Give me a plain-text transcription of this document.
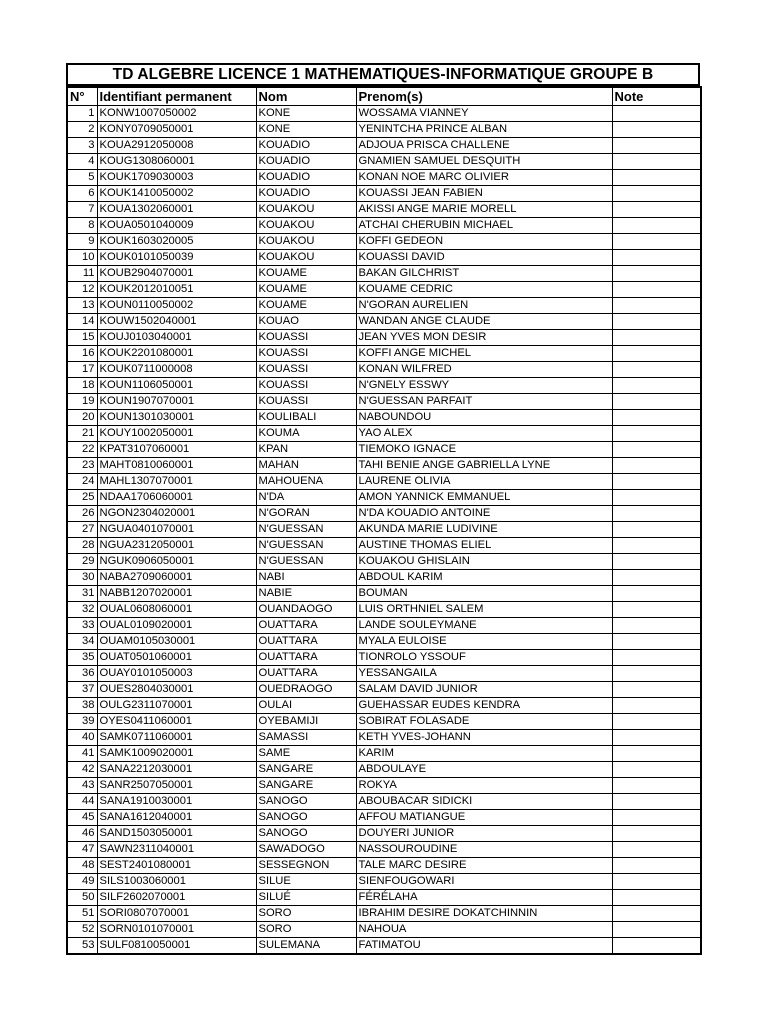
TD ALGEBRE LICENCE 1 MATHEMATIQUES-INFORMATIQUE GROUPE B
N°	Identifiant permanent	Nom	Prenom(s)	Note
1	KONW1007050002	KONE	WOSSAMA VIANNEY	
2	KONY0709050001	KONE	YENINTCHA PRINCE ALBAN	
3	KOUA2912050008	KOUADIO	ADJOUA PRISCA CHALLENE	
4	KOUG1308060001	KOUADIO	GNAMIEN SAMUEL DESQUITH	
5	KOUK1709030003	KOUADIO	KONAN NOE MARC OLIVIER	
6	KOUK1410050002	KOUADIO	KOUASSI JEAN FABIEN	
7	KOUA1302060001	KOUAKOU	AKISSI ANGE MARIE MORELL	
8	KOUA0501040009	KOUAKOU	ATCHAI CHERUBIN MICHAEL	
9	KOUK1603020005	KOUAKOU	KOFFI GEDEON	
10	KOUK0101050039	KOUAKOU	KOUASSI DAVID	
11	KOUB2904070001	KOUAME	BAKAN GILCHRIST	
12	KOUK2012010051	KOUAME	KOUAME CEDRIC	
13	KOUN0110050002	KOUAME	N'GORAN AURELIEN	
14	KOUW1502040001	KOUAO	WANDAN ANGE CLAUDE	
15	KOUJ0103040001	KOUASSI	JEAN YVES MON DESIR	
16	KOUK2201080001	KOUASSI	KOFFI ANGE MICHEL	
17	KOUK0711000008	KOUASSI	KONAN WILFRED	
18	KOUN1106050001	KOUASSI	N'GNELY ESSWY	
19	KOUN1907070001	KOUASSI	N'GUESSAN PARFAIT	
20	KOUN1301030001	KOULIBALI	NABOUNDOU	
21	KOUY1002050001	KOUMA	YAO ALEX	
22	KPAT3107060001	KPAN	TIEMOKO IGNACE	
23	MAHT0810060001	MAHAN	TAHI BENIE ANGE GABRIELLA LYNE	
24	MAHL1307070001	MAHOUENA	LAURENE OLIVIA	
25	NDAA1706060001	N'DA	AMON YANNICK EMMANUEL	
26	NGON2304020001	N'GORAN	N'DA KOUADIO ANTOINE	
27	NGUA0401070001	N'GUESSAN	AKUNDA MARIE LUDIVINE	
28	NGUA2312050001	N'GUESSAN	AUSTINE THOMAS ELIEL	
29	NGUK0906050001	N'GUESSAN	KOUAKOU GHISLAIN	
30	NABA2709060001	NABI	ABDOUL KARIM	
31	NABB1207020001	NABIE	BOUMAN	
32	OUAL0608060001	OUANDAOGO	LUIS ORTHNIEL SALEM	
33	OUAL0109020001	OUATTARA	LANDE SOULEYMANE	
34	OUAM0105030001	OUATTARA	MYALA EULOISE	
35	OUAT0501060001	OUATTARA	TIONROLO YSSOUF	
36	OUAY0101050003	OUATTARA	YESSANGAILA	
37	OUES2804030001	OUEDRAOGO	SALAM DAVID JUNIOR	
38	OULG2311070001	OULAI	GUEHASSAR EUDES KENDRA	
39	OYES0411060001	OYEBAMIJI	SOBIRAT FOLASADE	
40	SAMK0711060001	SAMASSI	KETH YVES-JOHANN	
41	SAMK1009020001	SAME	KARIM	
42	SANA2212030001	SANGARE	ABDOULAYE	
43	SANR2507050001	SANGARE	ROKYA	
44	SANA1910030001	SANOGO	ABOUBACAR SIDICKI	
45	SANA1612040001	SANOGO	AFFOU MATIANGUE	
46	SAND1503050001	SANOGO	DOUYERI JUNIOR	
47	SAWN2311040001	SAWADOGO	NASSOUROUDINE	
48	SEST2401080001	SESSEGNON	TALE MARC DESIRE	
49	SILS1003060001	SILUE	SIENFOUGOWARI	
50	SILF2602070001	SILUÉ	FÉRÉLAHA	
51	SORI0807070001	SORO	IBRAHIM DESIRE DOKATCHINNIN	
52	SORN0101070001	SORO	NAHOUA	
53	SULF0810050001	SULEMANA	FATIMATOU	
